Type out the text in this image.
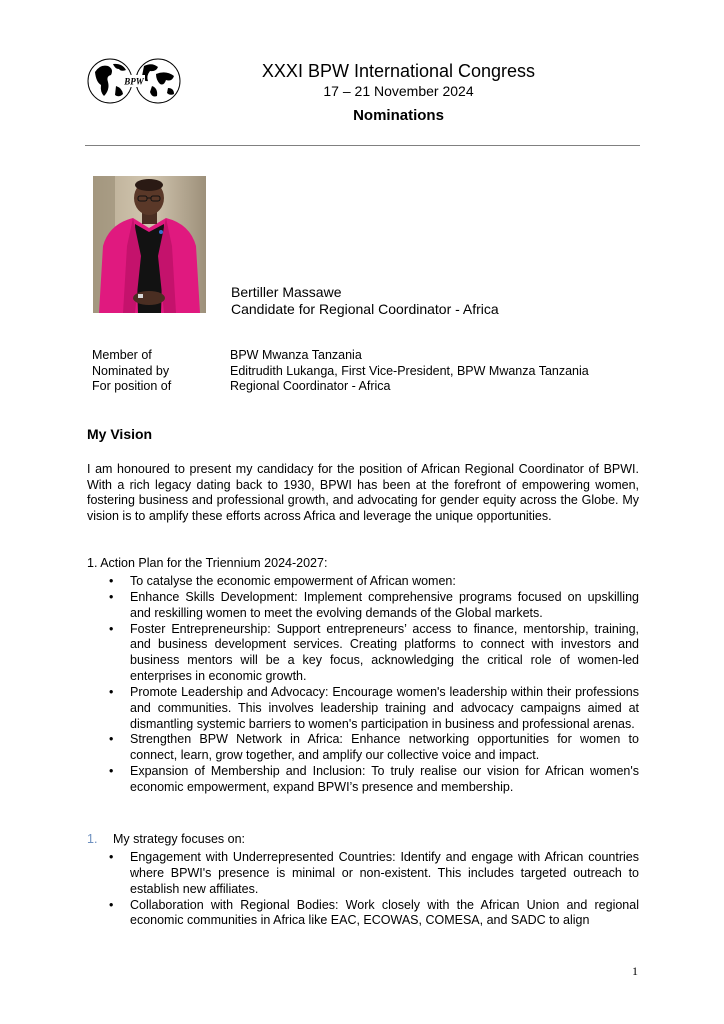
BPW
XXXI BPW International Congress
17 – 21 November 2024
Nominations
Bertiller Massawe
Candidate for Regional Coordinator - Africa
Member of	BPW Mwanza Tanzania
Nominated by	Editrudith Lukanga, First Vice-President, BPW Mwanza Tanzania
For position of	Regional Coordinator - Africa
My Vision

I am honoured to present my candidacy for the position of African Regional Coordinator of BPWI. With a rich legacy dating back to 1930, BPWI has been at the forefront of empowering women, fostering business and professional growth, and advocating for gender equity across the Globe. My vision is to amplify these efforts across Africa and leverage the unique opportunities.

1. Action Plan for the Triennium 2024-2027:
• To catalyse the economic empowerment of African women:
• Enhance Skills Development: Implement comprehensive programs focused on upskilling and reskilling women to meet the evolving demands of the Global markets.
• Foster Entrepreneurship: Support entrepreneurs’ access to finance, mentorship, training, and business development services. Creating platforms to connect with investors and business mentors will be a key focus, acknowledging the critical role of women-led enterprises in economic growth.
• Promote Leadership and Advocacy: Encourage women's leadership within their professions and communities. This involves leadership training and advocacy campaigns aimed at dismantling systemic barriers to women's participation in business and professional arenas.
• Strengthen BPW Network in Africa: Enhance networking opportunities for women to connect, learn, grow together, and amplify our collective voice and impact.
• Expansion of Membership and Inclusion: To truly realise our vision for African women's economic empowerment, expand BPWI’s presence and membership.
1. My strategy focuses on:
• Engagement with Underrepresented Countries: Identify and engage with African countries where BPWI's presence is minimal or non-existent. This includes targeted outreach to establish new affiliates.
• Collaboration with Regional Bodies: Work closely with the African Union and regional economic communities in Africa like EAC, ECOWAS, COMESA, and SADC to align
1
